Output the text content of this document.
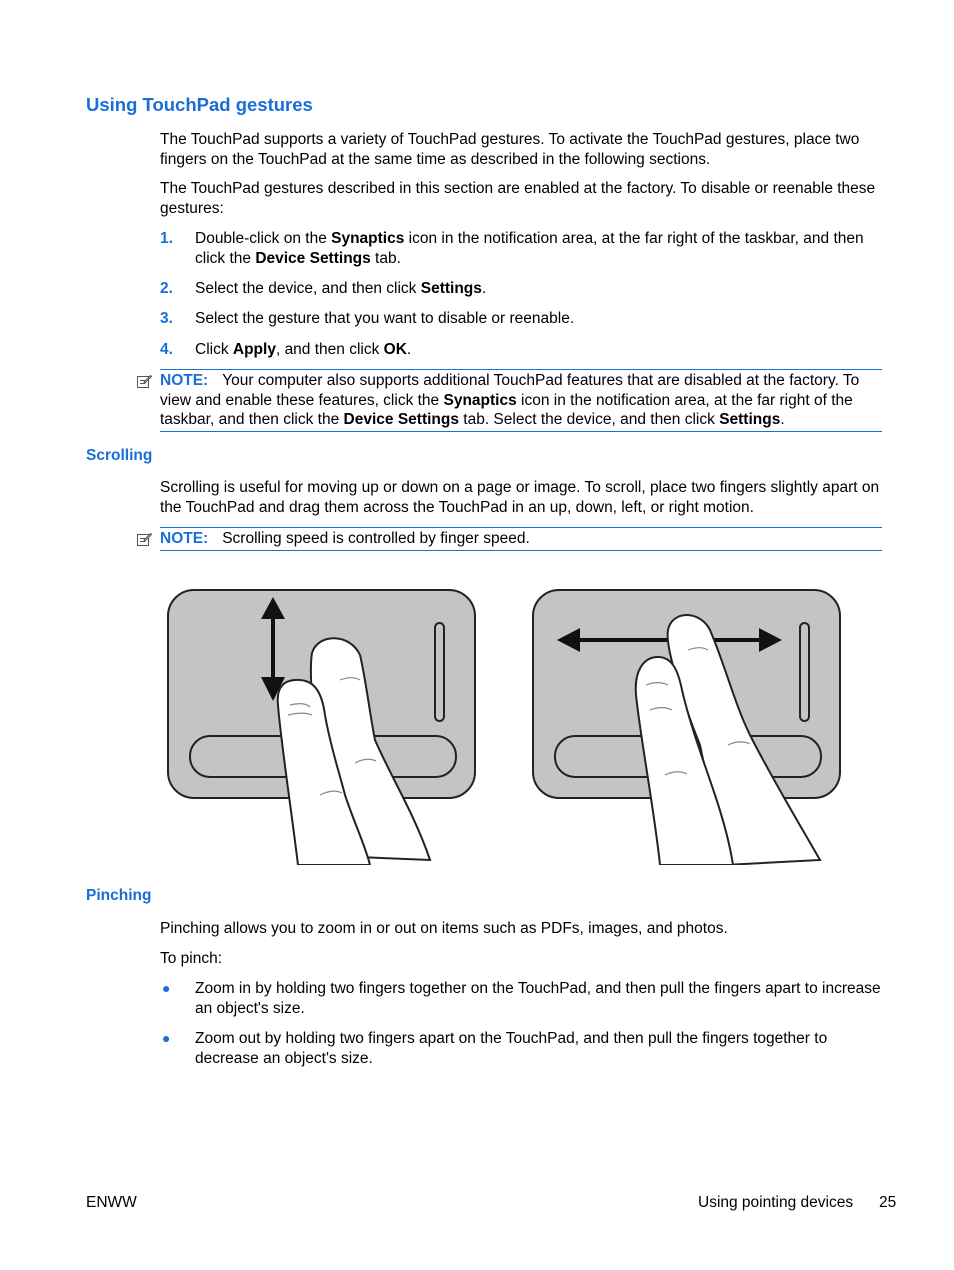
Using TouchPad gestures
The TouchPad supports a variety of TouchPad gestures. To activate the TouchPad gestures, place two fingers on the TouchPad at the same time as described in the following sections.
The TouchPad gestures described in this section are enabled at the factory. To disable or reenable these gestures:
1. Double-click on the Synaptics icon in the notification area, at the far right of the taskbar, and then click the Device Settings tab.
2. Select the device, and then click Settings.
3. Select the gesture that you want to disable or reenable.
4. Click Apply, and then click OK.
NOTE: Your computer also supports additional TouchPad features that are disabled at the factory. To view and enable these features, click the Synaptics icon in the notification area, at the far right of the taskbar, and then click the Device Settings tab. Select the device, and then click Settings.
Scrolling
Scrolling is useful for moving up or down on a page or image. To scroll, place two fingers slightly apart on the TouchPad and drag them across the TouchPad in an up, down, left, or right motion.
NOTE: Scrolling speed is controlled by finger speed.
Pinching
Pinching allows you to zoom in or out on items such as PDFs, images, and photos.
To pinch:
● Zoom in by holding two fingers together on the TouchPad, and then pull the fingers apart to increase an object's size.
● Zoom out by holding two fingers apart on the TouchPad, and then pull the fingers together to decrease an object's size.
ENWW	Using pointing devices 25
